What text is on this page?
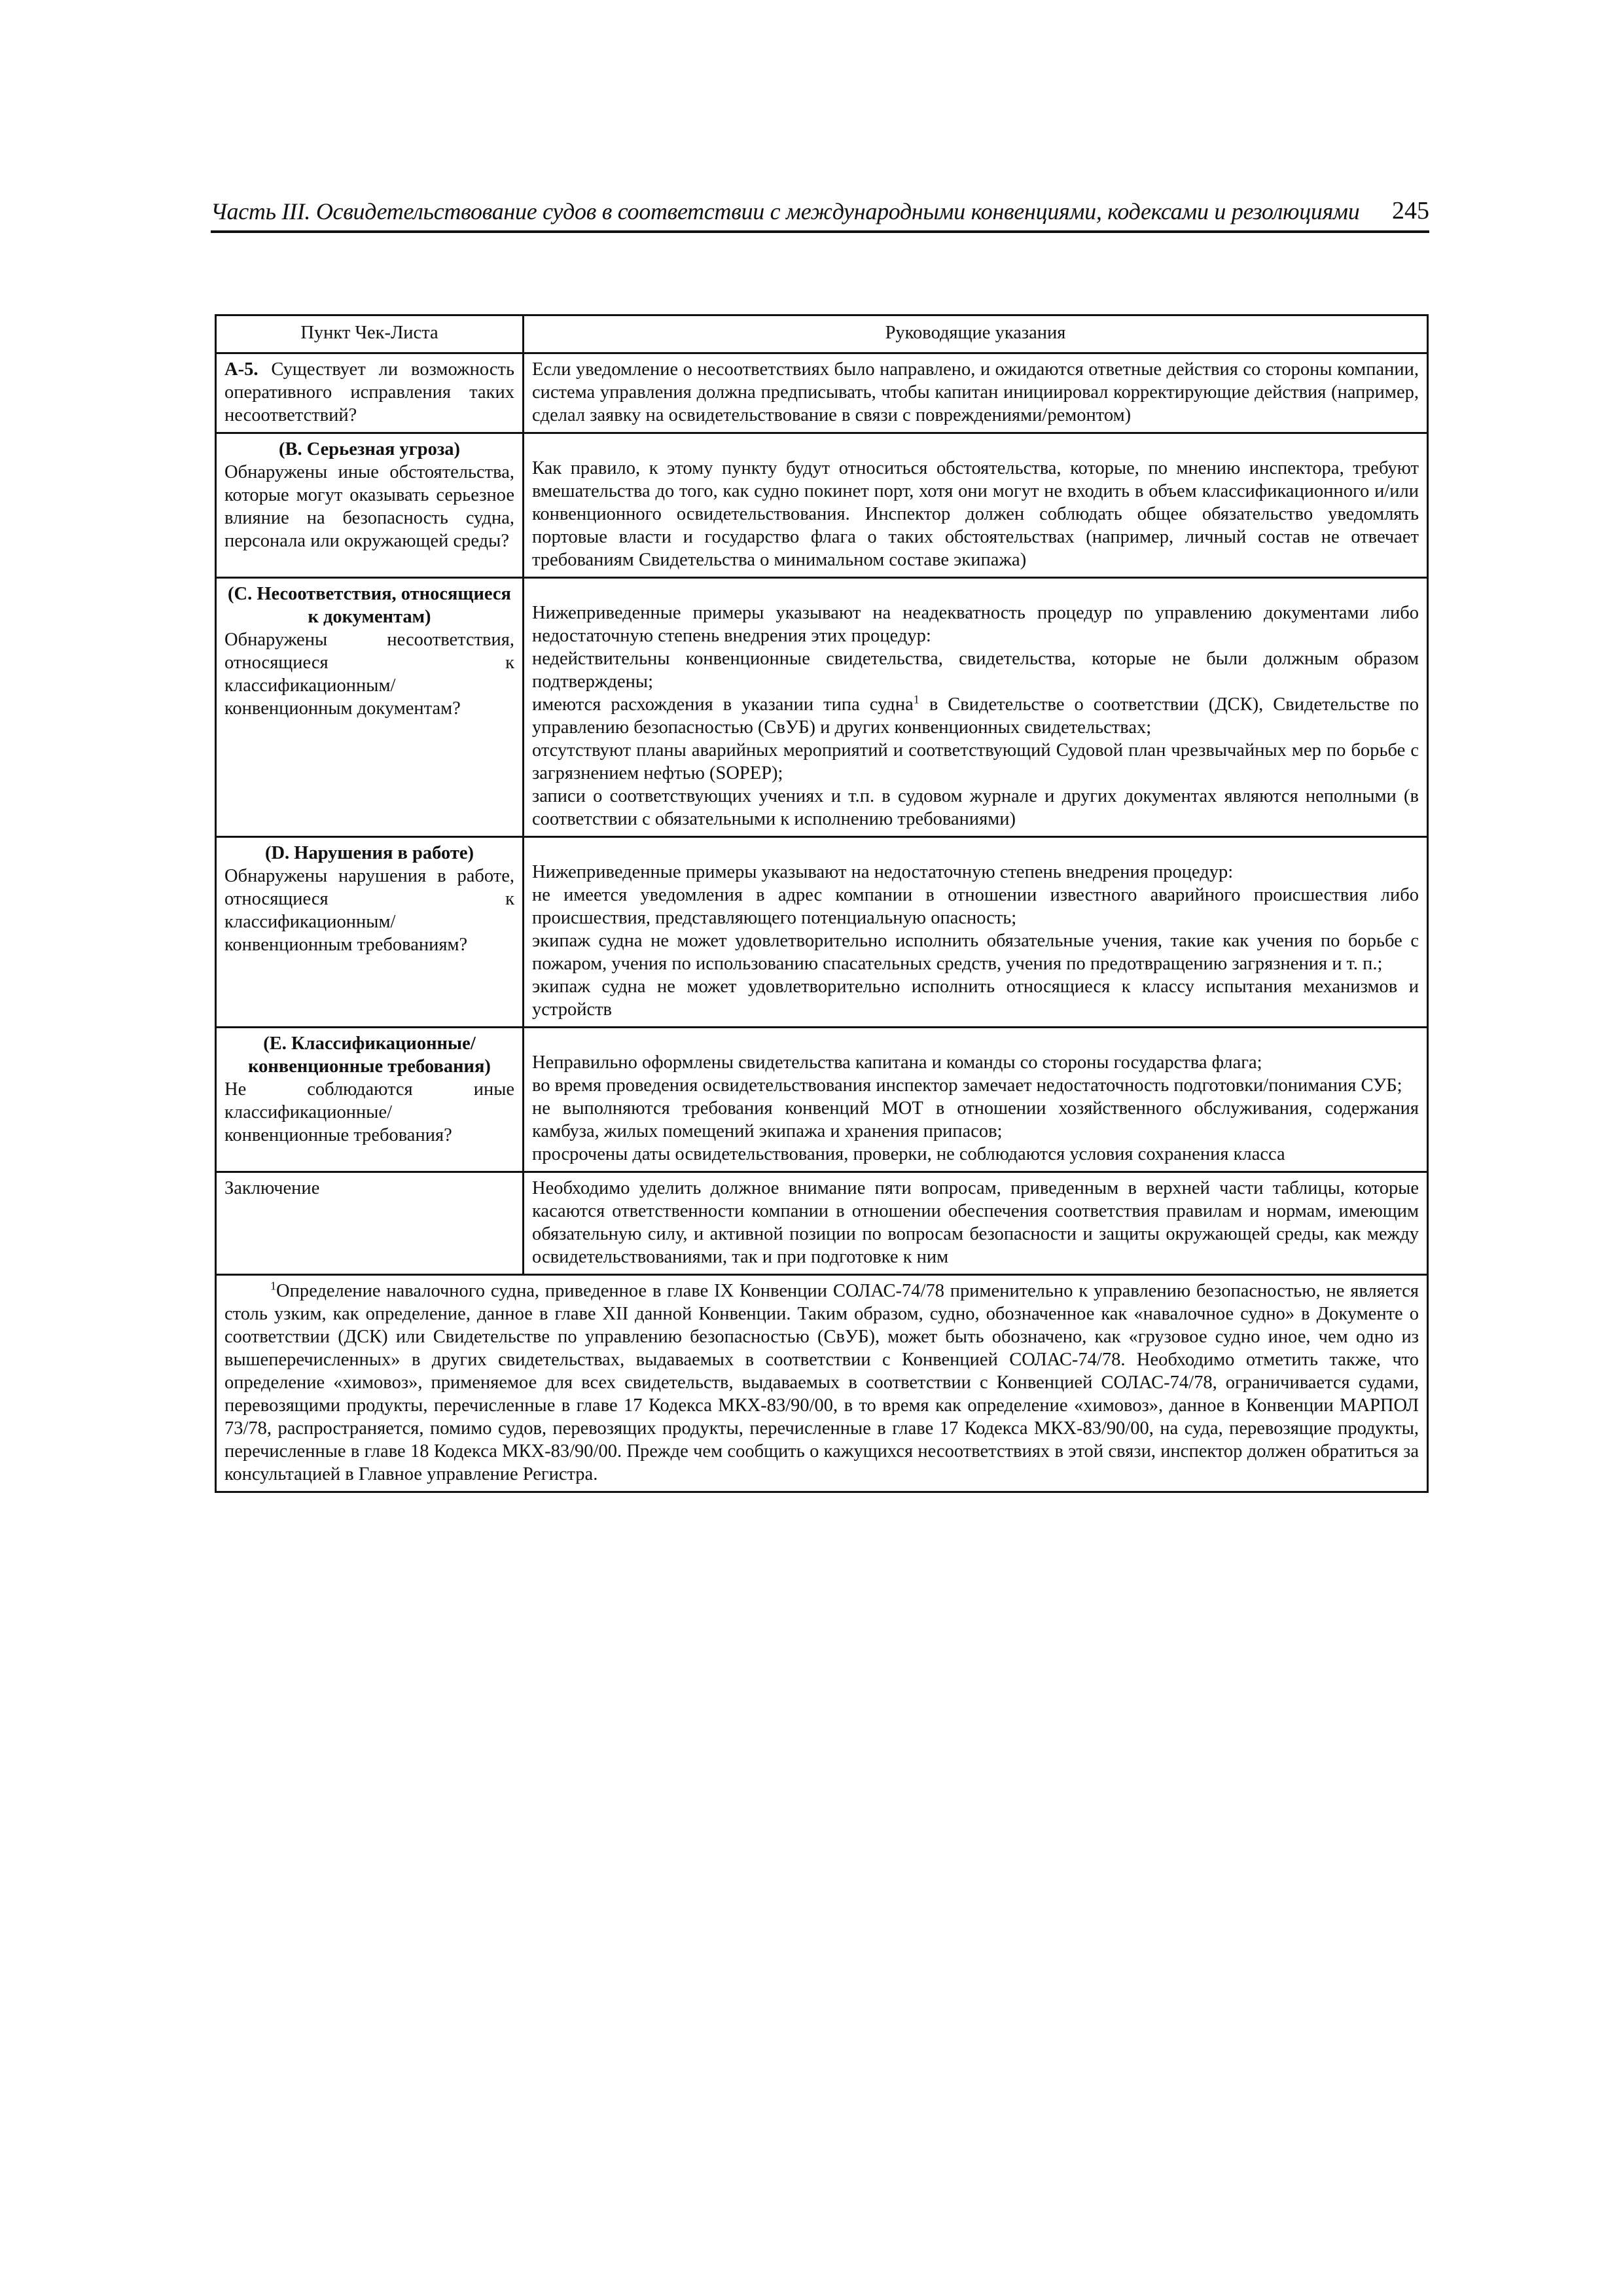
Часть III. Освидетельствование судов в соответствии с международными конвенциями, кодексами и резолюциями 245
Пункт Чек-Листа	Руководящие указания
А-5. Существует ли возможность оперативного исправления таких несоответствий?	Если уведомление о несоответствиях было направлено, и ожидаются ответные действия со стороны компании, система управления должна предписывать, чтобы капитан инициировал корректирующие действия (например, сделал заявку на освидетельствование в связи с повреждениями/ремонтом)

(В. Серьезная угроза)
Обнаружены иные обстоятельства, которые могут оказывать серьезное влияние на безопасность судна, персонала или окружающей среды?	Как правило, к этому пункту будут относиться обстоятельства, которые, по мнению инспектора, требуют вмешательства до того, как судно покинет порт, хотя они могут не входить в объем классификационного и/или конвенционного освидетельствования. Инспектор должен соблюдать общее обязательство уведомлять портовые власти и государство флага о таких обстоятельствах (например, личный состав не отвечает требованиям Свидетельства о минимальном составе экипажа)

(С. Несоответствия, относящиеся к документам)
Обнаружены несоответствия, относящиеся к классификационным/конвенционным документам?	Нижеприведенные примеры указывают на неадекватность процедур по управлению документами либо недостаточную степень внедрения этих процедур:
недействительны конвенционные свидетельства, свидетельства, которые не были должным образом подтверждены;
имеются расхождения в указании типа судна$^1$ в Свидетельстве о соответствии (ДСК), Свидетельстве по управлению безопасностью (СвУБ) и других конвенционных свидетельствах;
отсутствуют планы аварийных мероприятий и соответствующий Судовой план чрезвычайных мер по борьбе с загрязнением нефтью (SOPEP);
записи о соответствующих учениях и т.п. в судовом журнале и других документах являются неполными (в соответствии с обязательными к исполнению требованиями)

(D. Нарушения в работе)
Обнаружены нарушения в работе, относящиеся к классификационным/конвенционным требованиям?	Нижеприведенные примеры указывают на недостаточную степень внедрения процедур:
не имеется уведомления в адрес компании в отношении известного аварийного происшествия либо происшествия, представляющего потенциальную опасность;
экипаж судна не может удовлетворительно исполнить обязательные учения, такие как учения по борьбе с пожаром, учения по использованию спасательных средств, учения по предотвращению загрязнения и т. п.;
экипаж судна не может удовлетворительно исполнить относящиеся к классу испытания механизмов и устройств

(Е. Классификационные/ конвенционные требования)
Не соблюдаются иные классификационные/конвенционные требования?	Неправильно оформлены свидетельства капитана и команды со стороны государства флага;
во время проведения освидетельствования инспектор замечает недостаточность подготовки/понимания СУБ;
не выполняются требования конвенций МОТ в отношении хозяйственного обслуживания, содержания камбуза, жилых помещений экипажа и хранения припасов;
просрочены даты освидетельствования, проверки, не соблюдаются условия сохранения класса

Заключение	Необходимо уделить должное внимание пяти вопросам, приведенным в верхней части таблицы, которые касаются ответственности компании в отношении обеспечения соответствия правилам и нормам, имеющим обязательную силу, и активной позиции по вопросам безопасности и защиты окружающей среды, как между освидетельствованиями, так и при подготовке к ним

$^1$Определение навалочного судна, приведенное в главе IX Конвенции СОЛАС-74/78 применительно к управлению безопасностью, не является столь узким, как определение, данное в главе XII данной Конвенции. Таким образом, судно, обозначенное как «навалочное судно» в Документе о соответствии (ДСК) или Свидетельстве по управлению безопасностью (СвУБ), может быть обозначено, как «грузовое судно иное, чем одно из вышеперечисленных» в других свидетельствах, выдаваемых в соответствии с Конвенцией СОЛАС-74/78. Необходимо отметить также, что определение «химовоз», применяемое для всех свидетельств, выдаваемых в соответствии с Конвенцией СОЛАС-74/78, ограничивается судами, перевозящими продукты, перечисленные в главе 17 Кодекса МКХ-83/90/00, в то время как определение «химовоз», данное в Конвенции МАРПОЛ 73/78, распространяется, помимо судов, перевозящих продукты, перечисленные в главе 17 Кодекса МКХ-83/90/00, на суда, перевозящие продукты, перечисленные в главе 18 Кодекса МКХ-83/90/00. Прежде чем сообщить о кажущихся несоответствиях в этой связи, инспектор должен обратиться за консультацией в Главное управление Регистра.	
